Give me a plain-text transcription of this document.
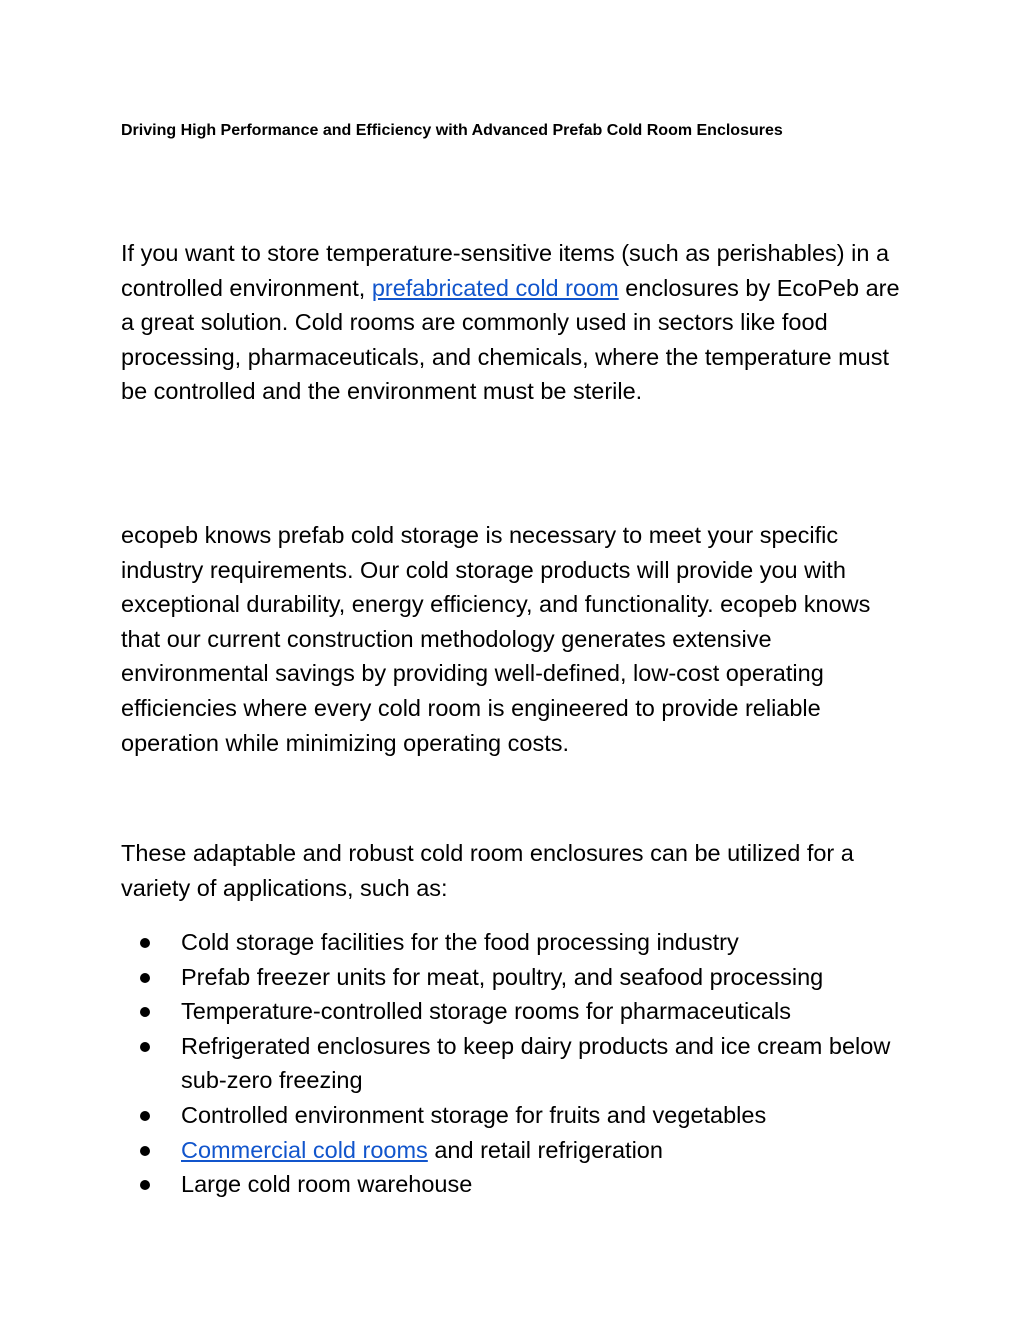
Driving High Performance and Efficiency with Advanced Prefab Cold Room Enclosures

If you want to store temperature-sensitive items (such as perishables) in a controlled environment, prefabricated cold room enclosures by EcoPeb are a great solution. Cold rooms are commonly used in sectors like food processing, pharmaceuticals, and chemicals, where the temperature must be controlled and the environment must be sterile.

ecopeb knows prefab cold storage is necessary to meet your specific industry requirements. Our cold storage products will provide you with exceptional durability, energy efficiency, and functionality. ecopeb knows that our current construction methodology generates extensive environmental savings by providing well-defined, low-cost operating efficiencies where every cold room is engineered to provide reliable operation while minimizing operating costs.

These adaptable and robust cold room enclosures can be utilized for a variety of applications, such as:

Cold storage facilities for the food processing industry
Prefab freezer units for meat, poultry, and seafood processing
Temperature-controlled storage rooms for pharmaceuticals
Refrigerated enclosures to keep dairy products and ice cream below sub-zero freezing
Controlled environment storage for fruits and vegetables
Commercial cold rooms and retail refrigeration
Large cold room warehouse
